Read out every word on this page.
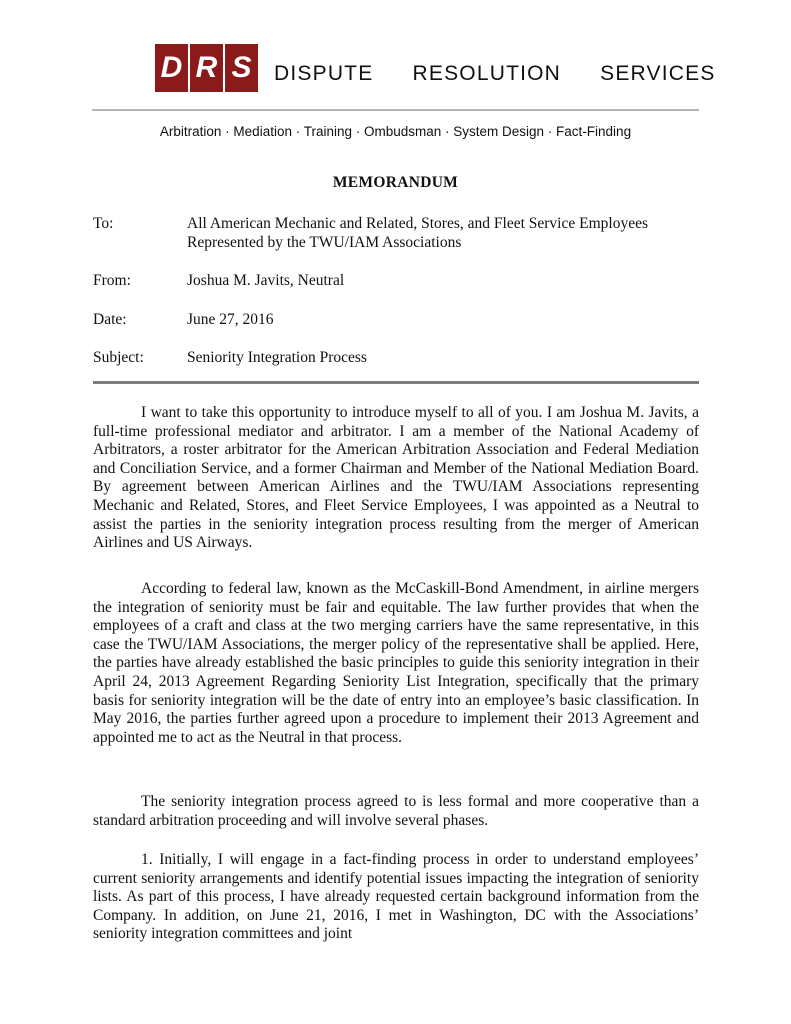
D R S	DISPUTE   RESOLUTION   SERVICES
Arbitration · Mediation · Training · Ombudsman · System Design · Fact-Finding
MEMORANDUM
To:	All American Mechanic and Related, Stores, and Fleet Service Employees
Represented by the TWU/IAM Associations
From:	Joshua M. Javits, Neutral
Date:	June 27, 2016
Subject:	Seniority Integration Process

I want to take this opportunity to introduce myself to all of you. I am Joshua M. Javits, a full-time professional mediator and arbitrator. I am a member of the National Academy of Arbitrators, a roster arbitrator for the American Arbitration Association and Federal Mediation and Conciliation Service, and a former Chairman and Member of the National Mediation Board. By agreement between American Airlines and the TWU/IAM Associations representing Mechanic and Related, Stores, and Fleet Service Employees, I was appointed as a Neutral to assist the parties in the seniority integration process resulting from the merger of American Airlines and US Airways.

According to federal law, known as the McCaskill-Bond Amendment, in airline mergers the integration of seniority must be fair and equitable. The law further provides that when the employees of a craft and class at the two merging carriers have the same representative, in this case the TWU/IAM Associations, the merger policy of the representative shall be applied. Here, the parties have already established the basic principles to guide this seniority integration in their April 24, 2013 Agreement Regarding Seniority List Integration, specifically that the primary basis for seniority integration will be the date of entry into an employee’s basic classification. In May 2016, the parties further agreed upon a procedure to implement their 2013 Agreement and appointed me to act as the Neutral in that process.

The seniority integration process agreed to is less formal and more cooperative than a standard arbitration proceeding and will involve several phases.

1. Initially, I will engage in a fact-finding process in order to understand employees’ current seniority arrangements and identify potential issues impacting the integration of seniority lists. As part of this process, I have already requested certain background information from the Company. In addition, on June 21, 2016, I met in Washington, DC with the Associations’ seniority integration committees and joint
